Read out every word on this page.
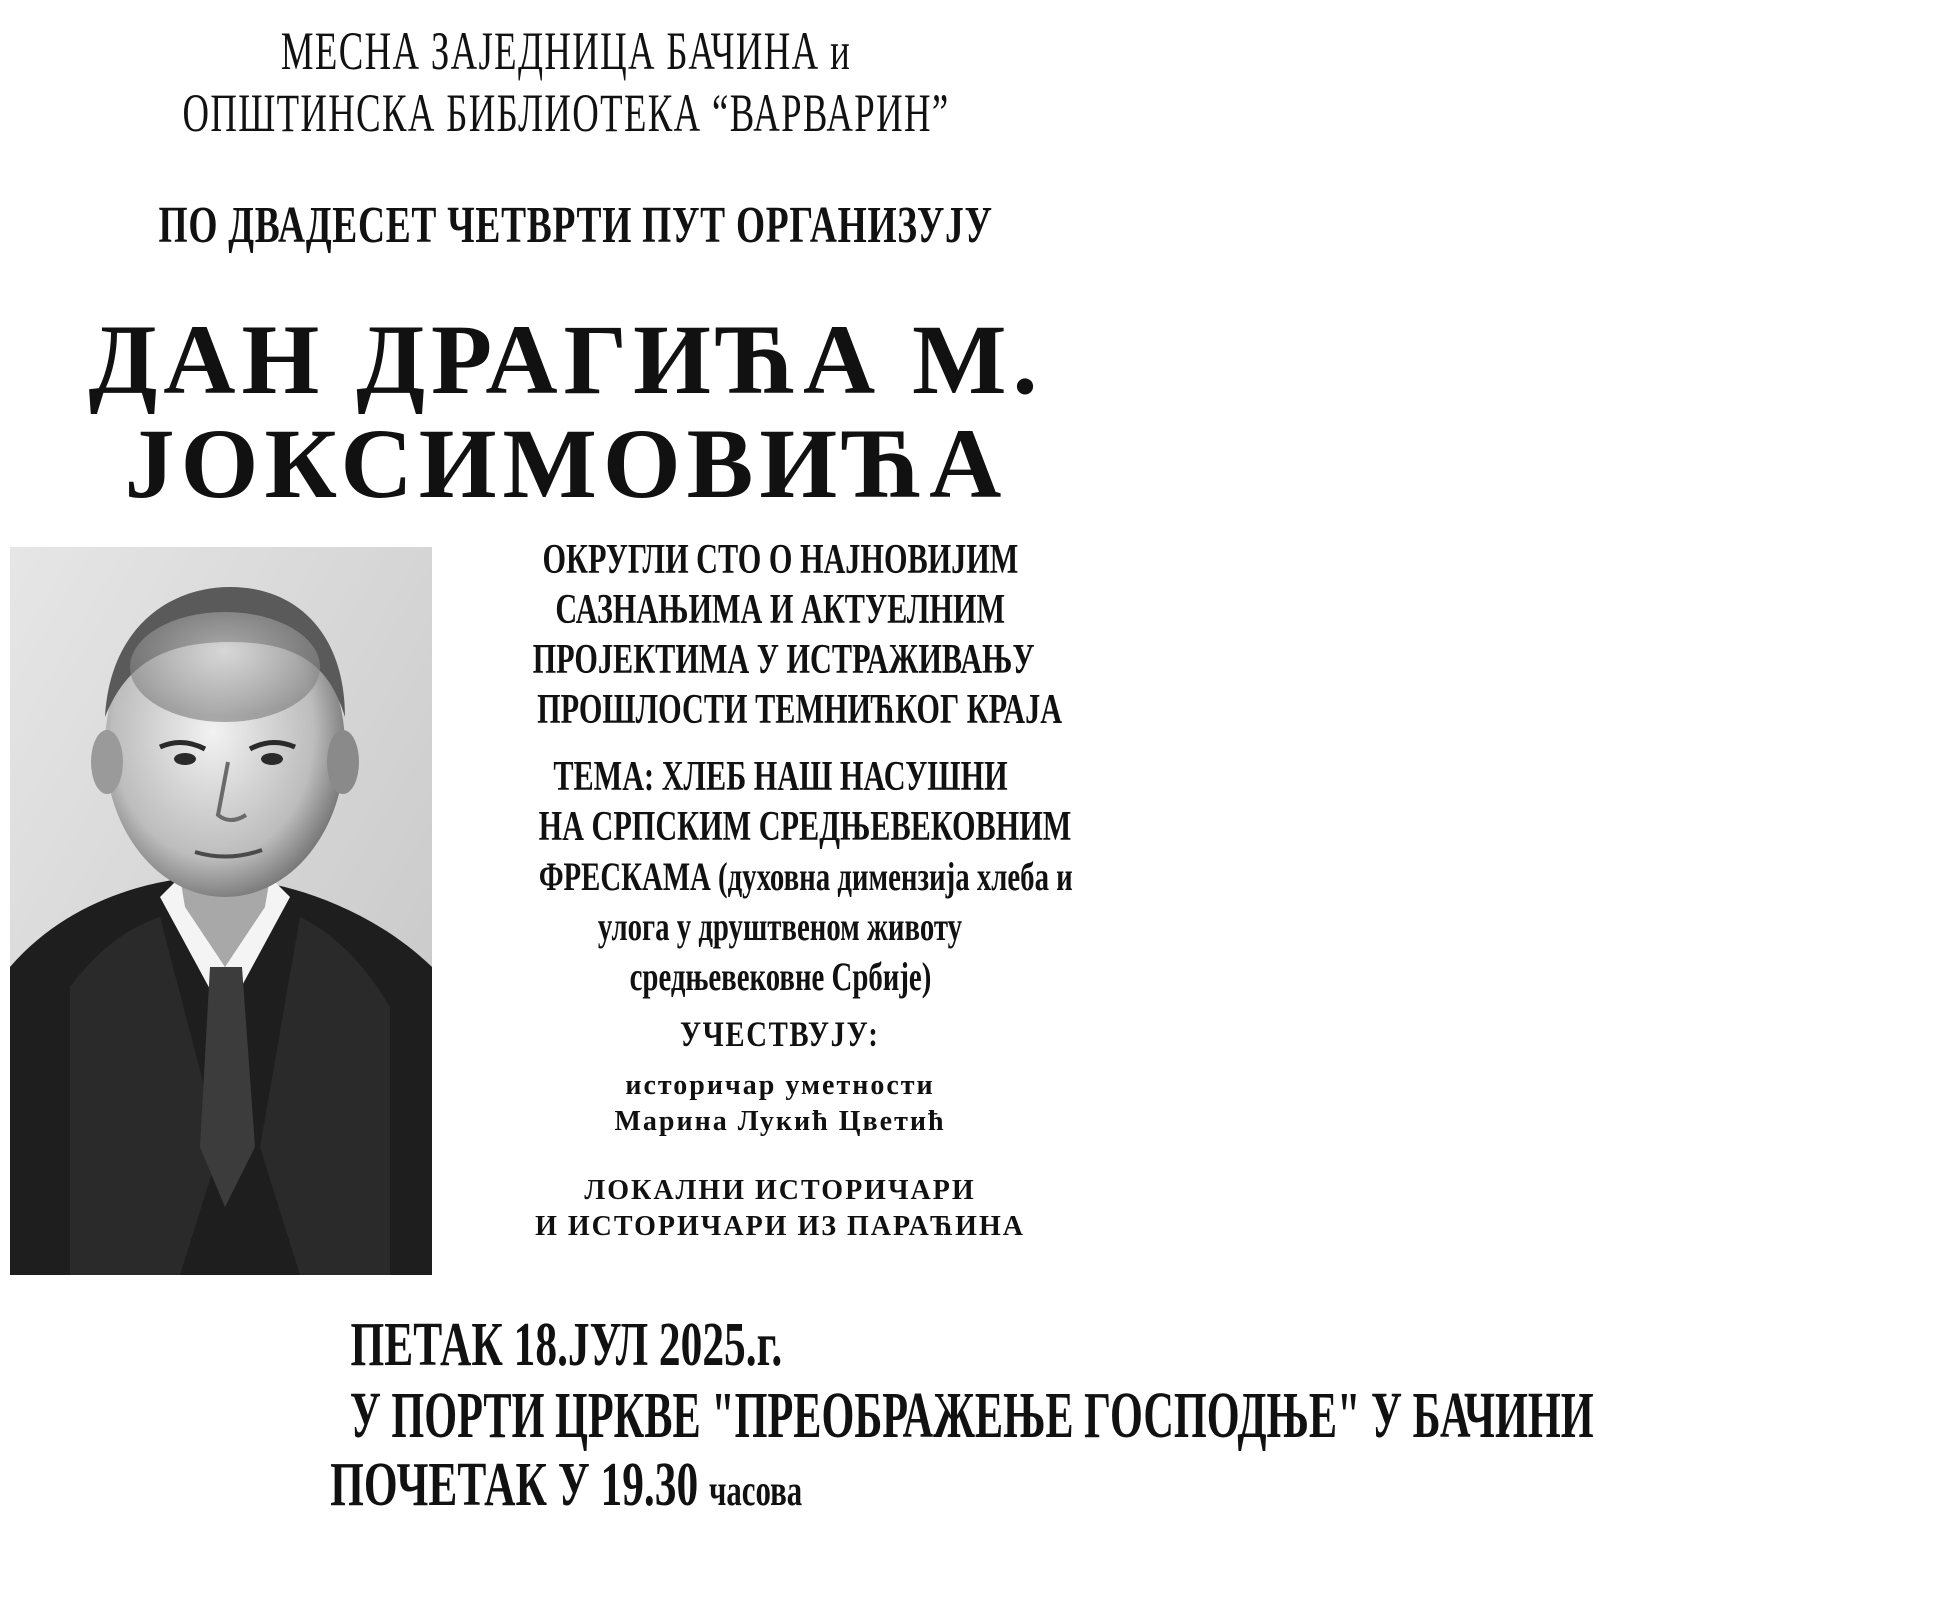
МЕСНА ЗАЈЕДНИЦА БАЧИНА и
ОПШТИНСКА БИБЛИОТЕКА “ВАРВАРИН”
ПО ДВАДЕСЕТ ЧЕТВРТИ ПУТ ОРГАНИЗУЈУ
ДАН ДРАГИЋА М.
ЈОКСИМОВИЋА
ОКРУГЛИ СТО О НАЈНОВИЈИМ
САЗНАЊИМА И АКТУЕЛНИМ
ПРОЈЕКТИМА У ИСТРАЖИВАЊУ
ПРОШЛОСТИ ТЕМНИЋКОГ КРАЈА
ТЕМА: ХЛЕБ НАШ НАСУШНИ
НА СРПСКИМ СРЕДЊЕВЕКОВНИМ
ФРЕСКАМА (духовна димензија хлеба и
улога у друштвеном животу
средњевековне Србије)
УЧЕСТВУЈУ:
историчар уметности
Марина Лукић Цветић
ЛОКАЛНИ ИСТОРИЧАРИ
И ИСТОРИЧАРИ ИЗ ПАРАЋИНА
ПЕТАК 18.ЈУЛ 2025.г.
У ПОРТИ ЦРКВЕ "ПРЕОБРАЖЕЊЕ ГОСПОДЊЕ" У БАЧИНИ
ПОЧЕТАК У 19.30 часова
